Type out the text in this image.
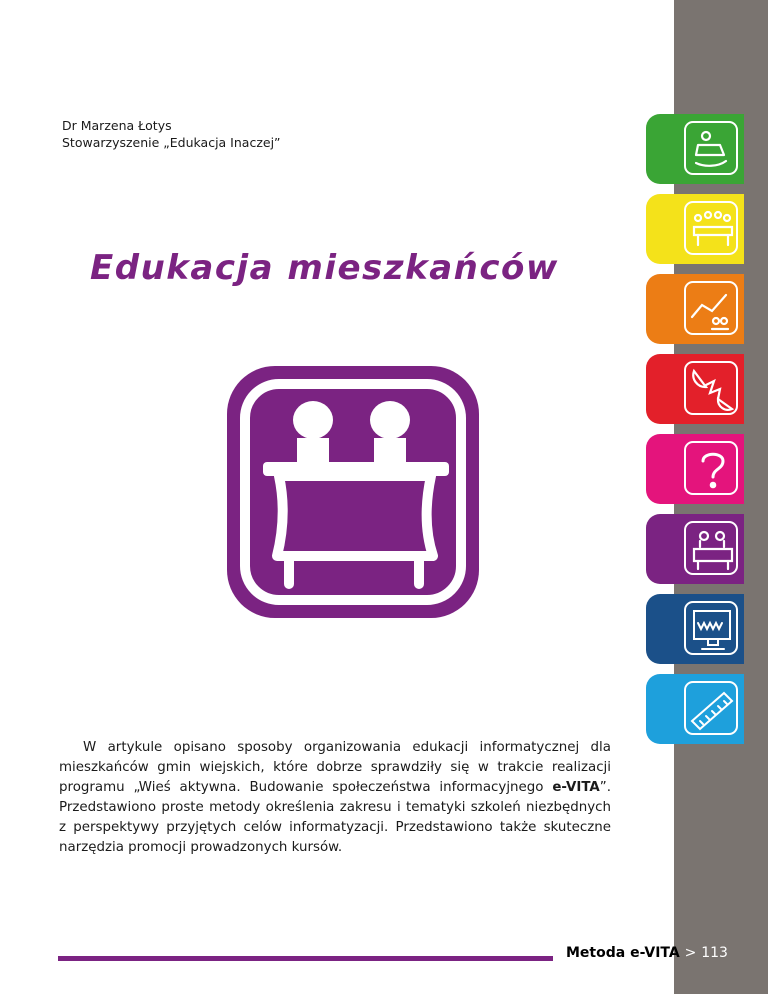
Dr Marzena Łotys
Stowarzyszenie „Edukacja Inaczej”
Edukacja mieszkańców
W artykule opisano sposoby organizowania edukacji informatycznej dla mieszkańców gmin wiejskich, które dobrze sprawdziły się w trakcie realizacji programu „Wieś aktywna. Budowanie społeczeństwa informacyjnego e-VITA”. Przedstawiono proste metody określenia zakresu i tematyki szkoleń niezbędnych z perspektywy przyjętych celów informatyzacji. Przedstawiono także skuteczne narzędzia promocji prowadzonych kursów.
Metoda e-VITA > 113
